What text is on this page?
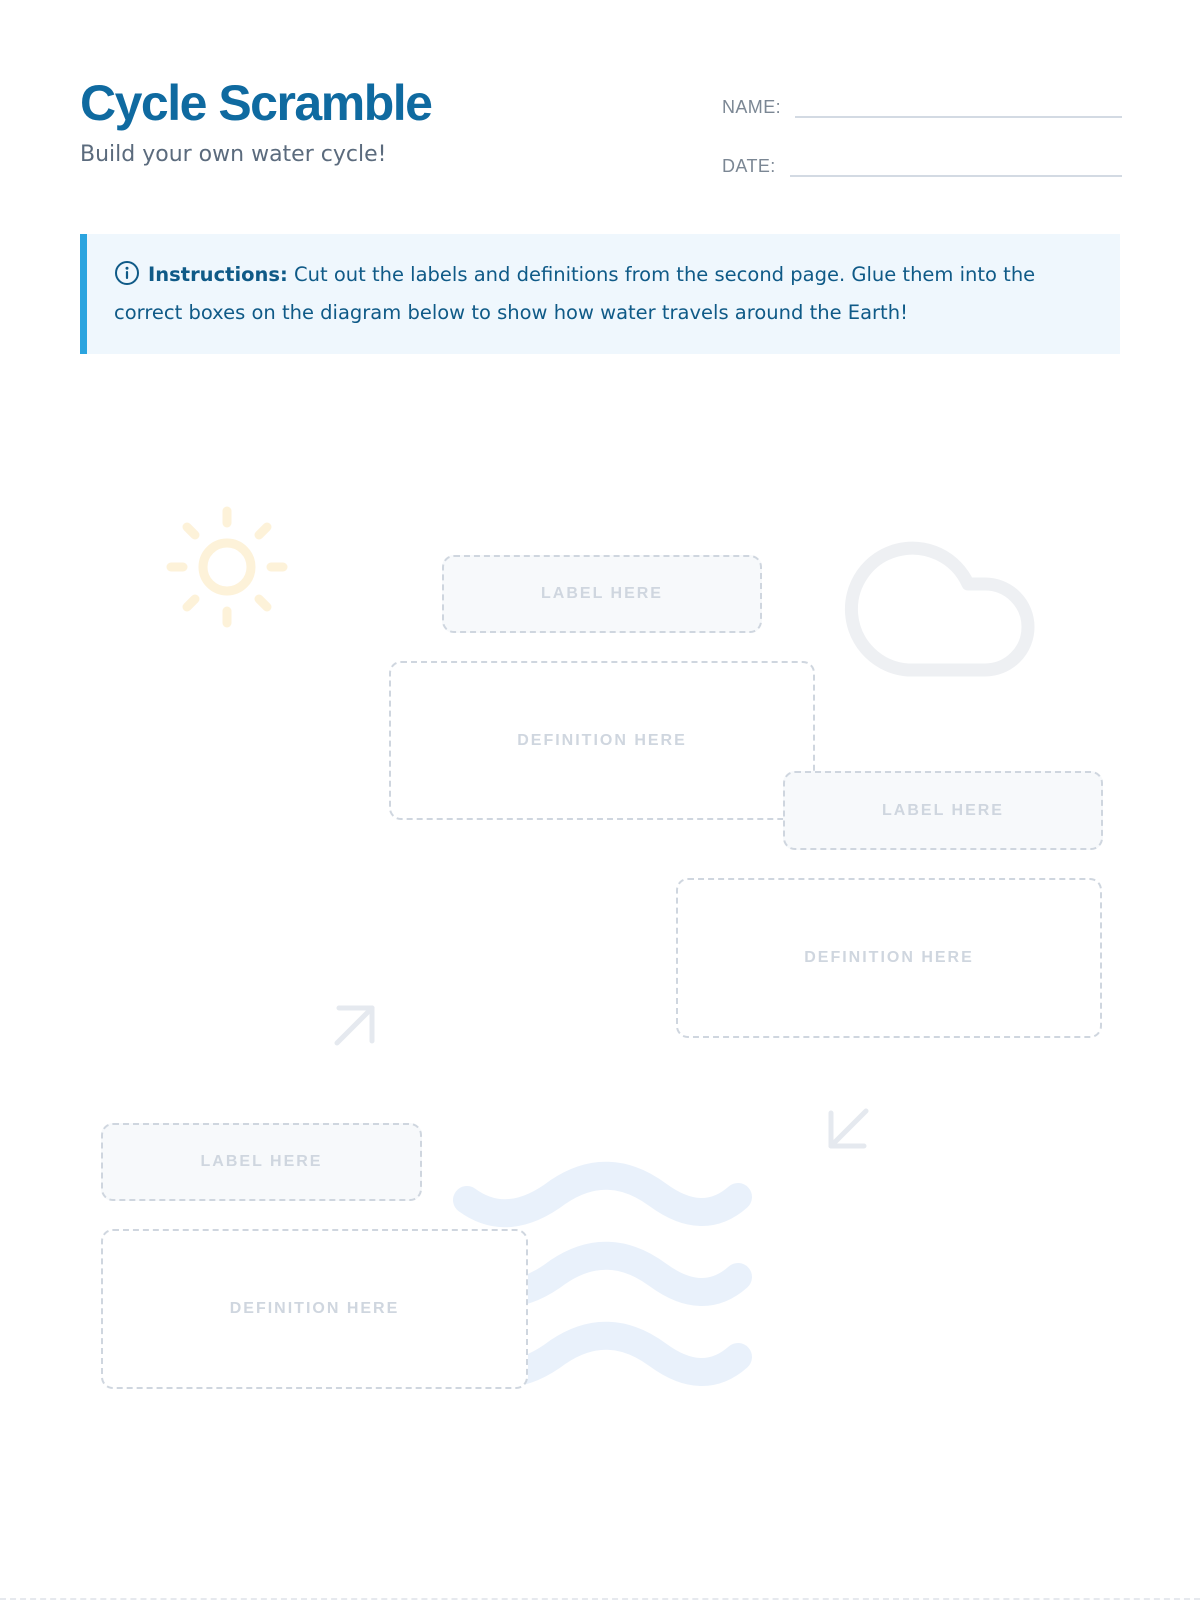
Cycle Scramble
Build your own water cycle!
NAME:
DATE:
Instructions: Cut out the labels and definitions from the second page. Glue them into the correct boxes on the diagram below to show how water travels around the Earth!
LABEL HERE
DEFINITION HERE
DEFINITION HERE
LABEL HERE
LABEL HERE
DEFINITION HERE
